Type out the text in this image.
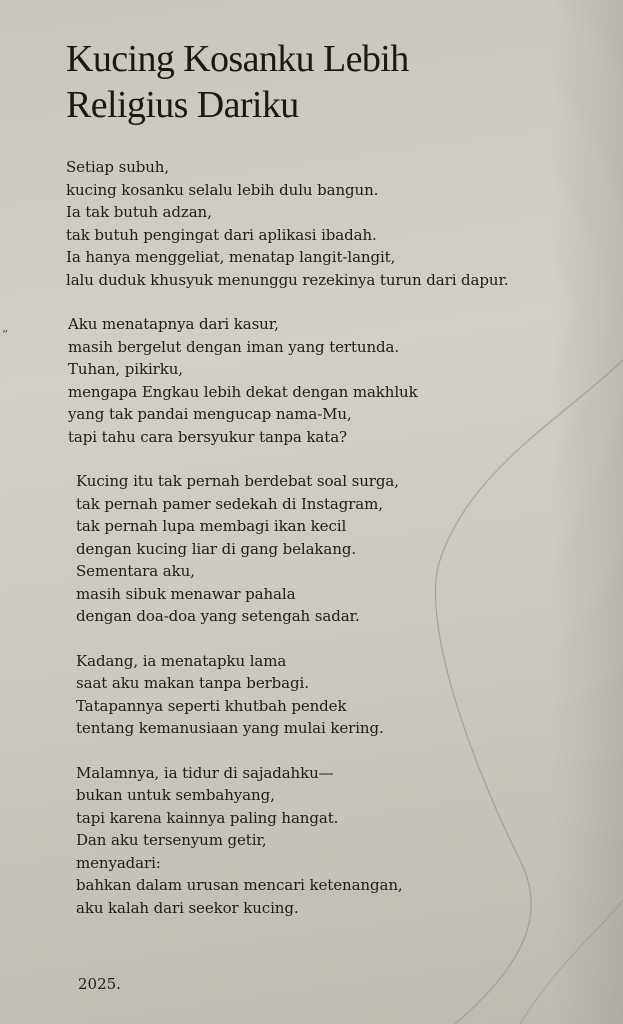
”
Kucing Kosanku Lebih
Religius Dariku
Setiap subuh,
kucing kosanku selalu lebih dulu bangun.
Ia tak butuh adzan,
tak butuh pengingat dari aplikasi ibadah.
Ia hanya menggeliat, menatap langit-langit,
lalu duduk khusyuk menunggu rezekinya turun dari dapur.
Aku menatapnya dari kasur,
masih bergelut dengan iman yang tertunda.
Tuhan, pikirku,
mengapa Engkau lebih dekat dengan makhluk
yang tak pandai mengucap nama-Mu,
tapi tahu cara bersyukur tanpa kata?
Kucing itu tak pernah berdebat soal surga,
tak pernah pamer sedekah di Instagram,
tak pernah lupa membagi ikan kecil
dengan kucing liar di gang belakang.
Sementara aku,
masih sibuk menawar pahala
dengan doa-doa yang setengah sadar.
Kadang, ia menatapku lama
saat aku makan tanpa berbagi.
Tatapannya seperti khutbah pendek
tentang kemanusiaan yang mulai kering.
Malamnya, ia tidur di sajadahku—
bukan untuk sembahyang,
tapi karena kainnya paling hangat.
Dan aku tersenyum getir,
menyadari:
bahkan dalam urusan mencari ketenangan,
aku kalah dari seekor kucing.
2025.
